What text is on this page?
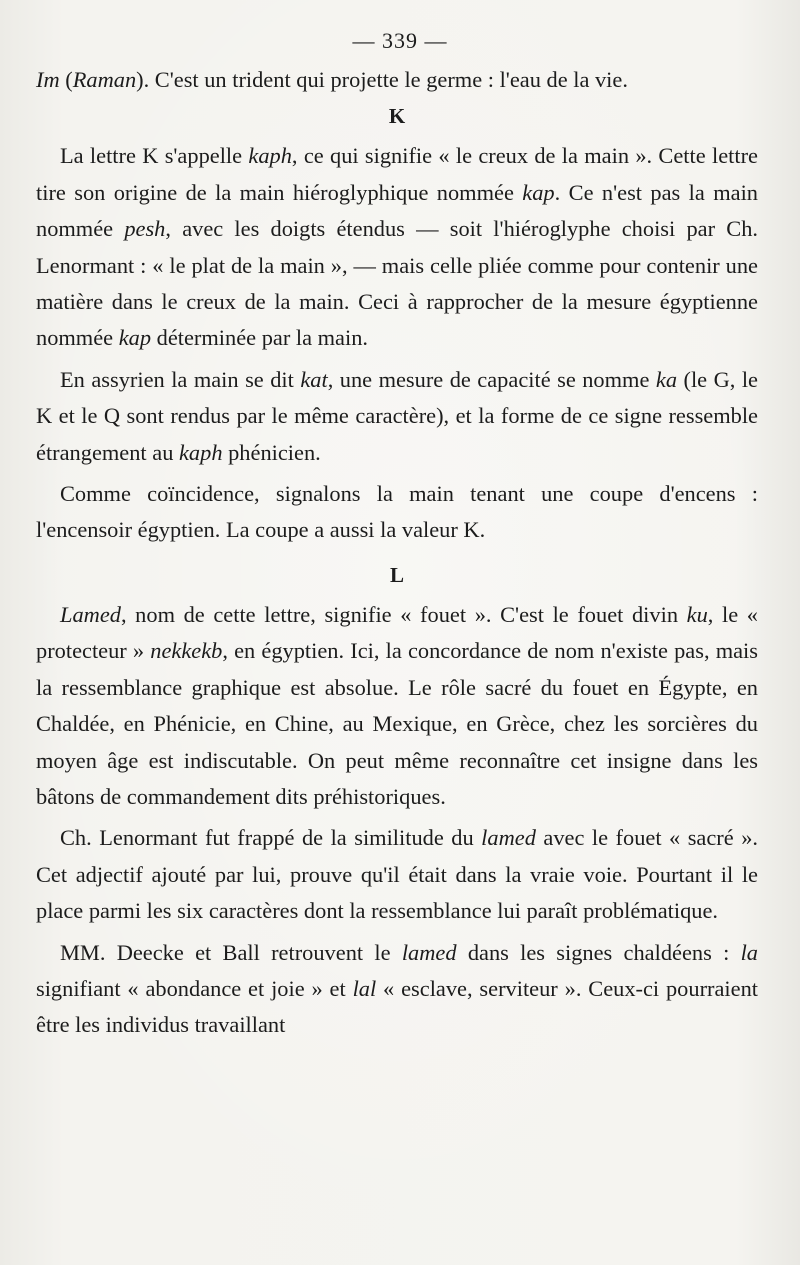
— 339 —

Im (Raman). C'est un trident qui projette le germe : l'eau de la vie.

K

La lettre K s'appelle kaph, ce qui signifie « le creux de la main ». Cette lettre tire son origine de la main hiéroglyphique nommée kap. Ce n'est pas la main nommée pesh, avec les doigts étendus — soit l'hiéroglyphe choisi par Ch. Lenormant : « le plat de la main », — mais celle pliée comme pour contenir une matière dans le creux de la main. Ceci à rapprocher de la mesure égyptienne nommée kap déterminée par la main.

En assyrien la main se dit kat, une mesure de capacité se nomme ka (le G, le K et le Q sont rendus par le même caractère), et la forme de ce signe ressemble étrangement au kaph phénicien.

Comme coïncidence, signalons la main tenant une coupe d'encens : l'encensoir égyptien. La coupe a aussi la valeur K.

L

Lamed, nom de cette lettre, signifie « fouet ». C'est le fouet divin ku, le « protecteur » nekkekb, en égyptien. Ici, la concordance de nom n'existe pas, mais la ressemblance graphique est absolue. Le rôle sacré du fouet en Égypte, en Chaldée, en Phénicie, en Chine, au Mexique, en Grèce, chez les sorcières du moyen âge est indiscutable. On peut même reconnaître cet insigne dans les bâtons de commandement dits préhistoriques.

Ch. Lenormant fut frappé de la similitude du lamed avec le fouet « sacré ». Cet adjectif ajouté par lui, prouve qu'il était dans la vraie voie. Pourtant il le place parmi les six caractères dont la ressemblance lui paraît problématique.

MM. Deecke et Ball retrouvent le lamed dans les signes chaldéens : la signifiant « abondance et joie » et lal « esclave, serviteur ». Ceux-ci pourraient être les individus travaillant
